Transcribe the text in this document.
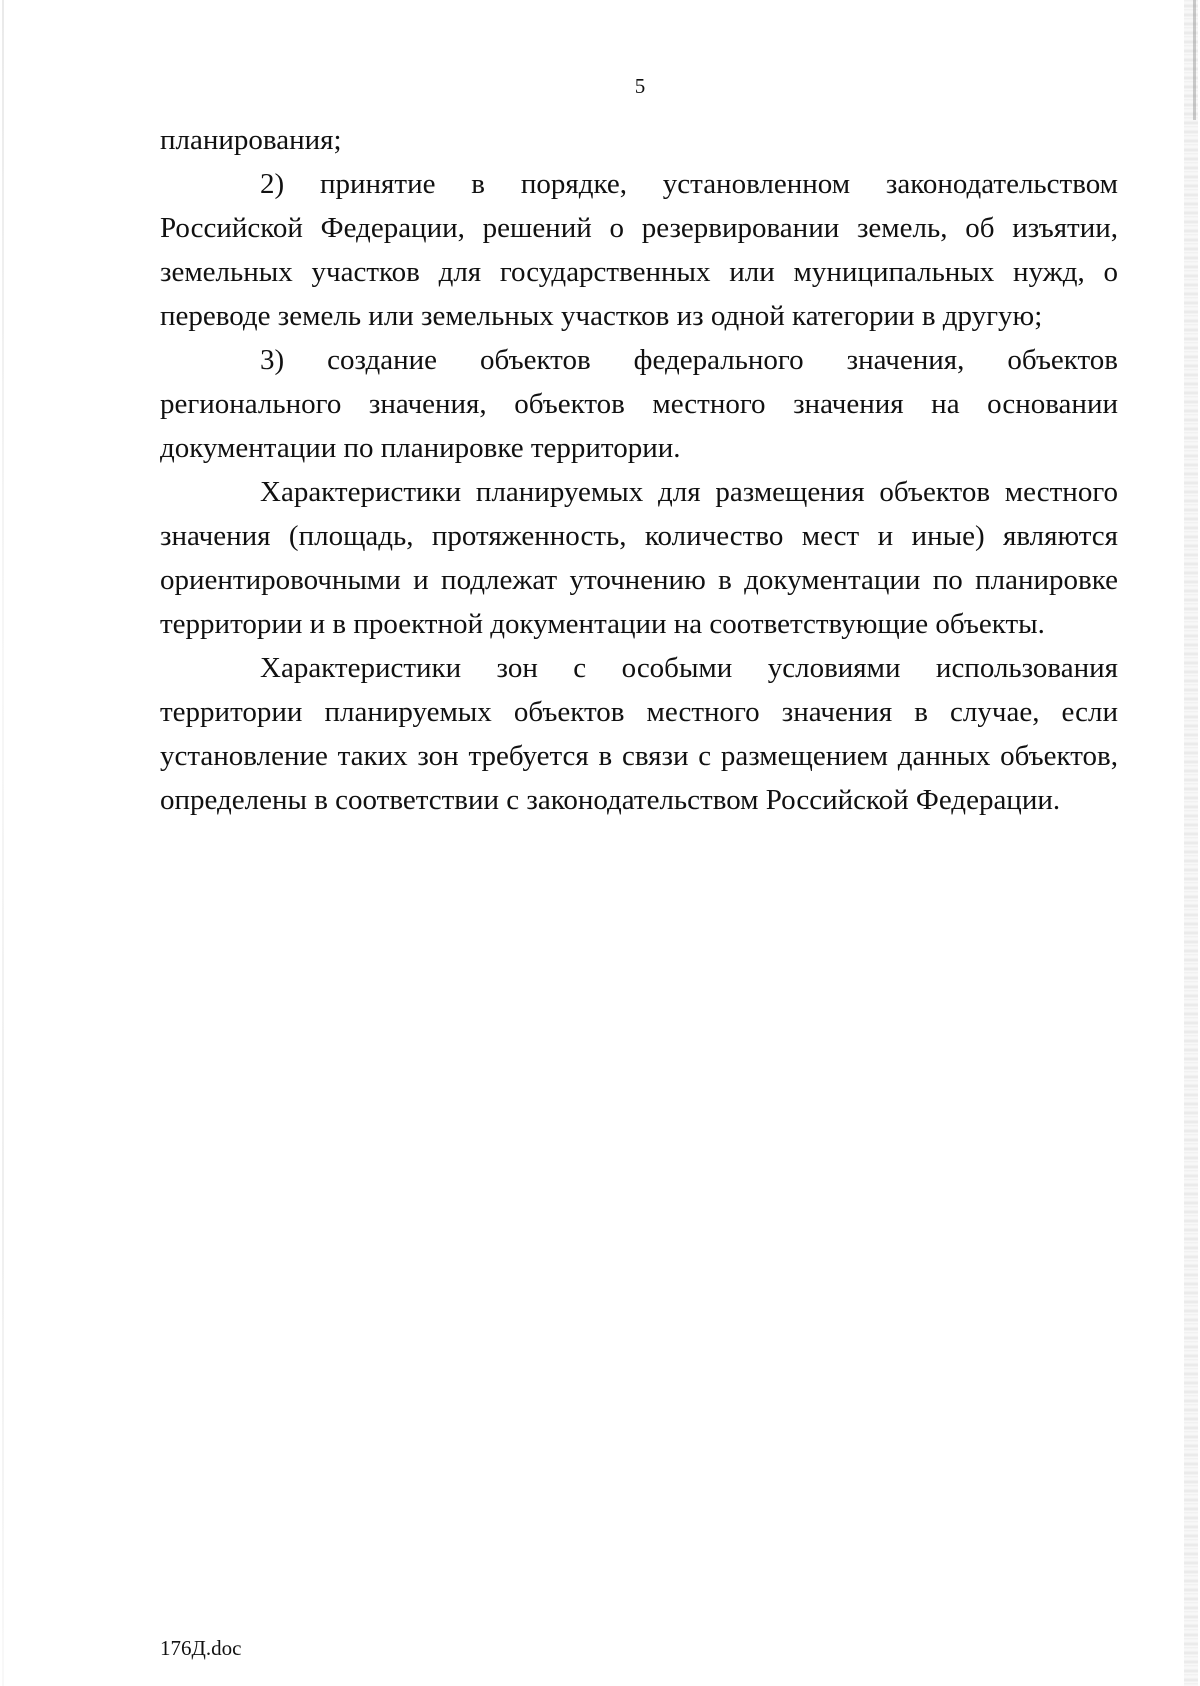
5

планирования;

2)   принятие   в   порядке,   установленном   законодательством Российской Федерации, решений о резервировании земель, об изъятии, земельных участков для государственных или муниципальных нужд, о переводе земель или земельных участков из одной категории в другую;

3)   создание   объектов   федерального   значения,   объектов регионального значения, объектов местного значения на основании документации по планировке территории.

Характеристики планируемых для размещения объектов местного значения (площадь, протяженность, количество мест и иные) являются ориентировочными и подлежат уточнению в документации по планировке территории и в проектной документации на соответствующие объекты.

Характеристики зон с особыми условиями использования территории планируемых объектов местного значения в случае, если установление таких зон требуется в связи с размещением данных объектов, определены в соответствии с законодательством Российской Федерации.

176Д.doc
